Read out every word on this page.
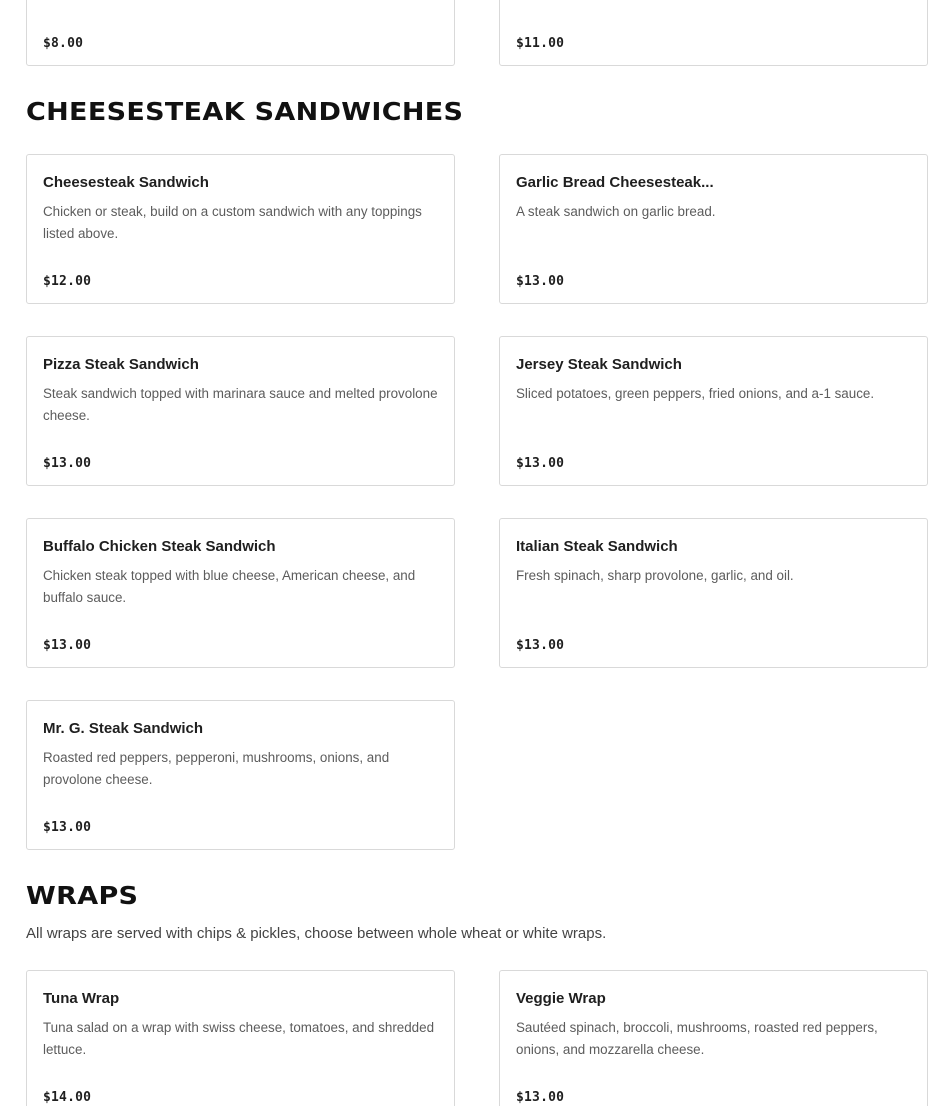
$8.00	$11.00
CHEESESTEAK SANDWICHES
Cheesesteak Sandwich
Chicken or steak, build on a custom sandwich with any toppings listed above.
$12.00
Garlic Bread Cheesesteak...
A steak sandwich on garlic bread.
$13.00
Pizza Steak Sandwich
Steak sandwich topped with marinara sauce and melted provolone cheese.
$13.00
Jersey Steak Sandwich
Sliced potatoes, green peppers, fried onions, and a-1 sauce.
$13.00
Buffalo Chicken Steak Sandwich
Chicken steak topped with blue cheese, American cheese, and buffalo sauce.
$13.00
Italian Steak Sandwich
Fresh spinach, sharp provolone, garlic, and oil.
$13.00
Mr. G. Steak Sandwich
Roasted red peppers, pepperoni, mushrooms, onions, and provolone cheese.
$13.00
WRAPS

All wraps are served with chips & pickles, choose between whole wheat or white wraps.

Tuna Wrap
Tuna salad on a wrap with swiss cheese, tomatoes, and shredded lettuce.
$14.00
Veggie Wrap
Sautéed spinach, broccoli, mushrooms, roasted red peppers, onions, and mozzarella cheese.
$13.00
